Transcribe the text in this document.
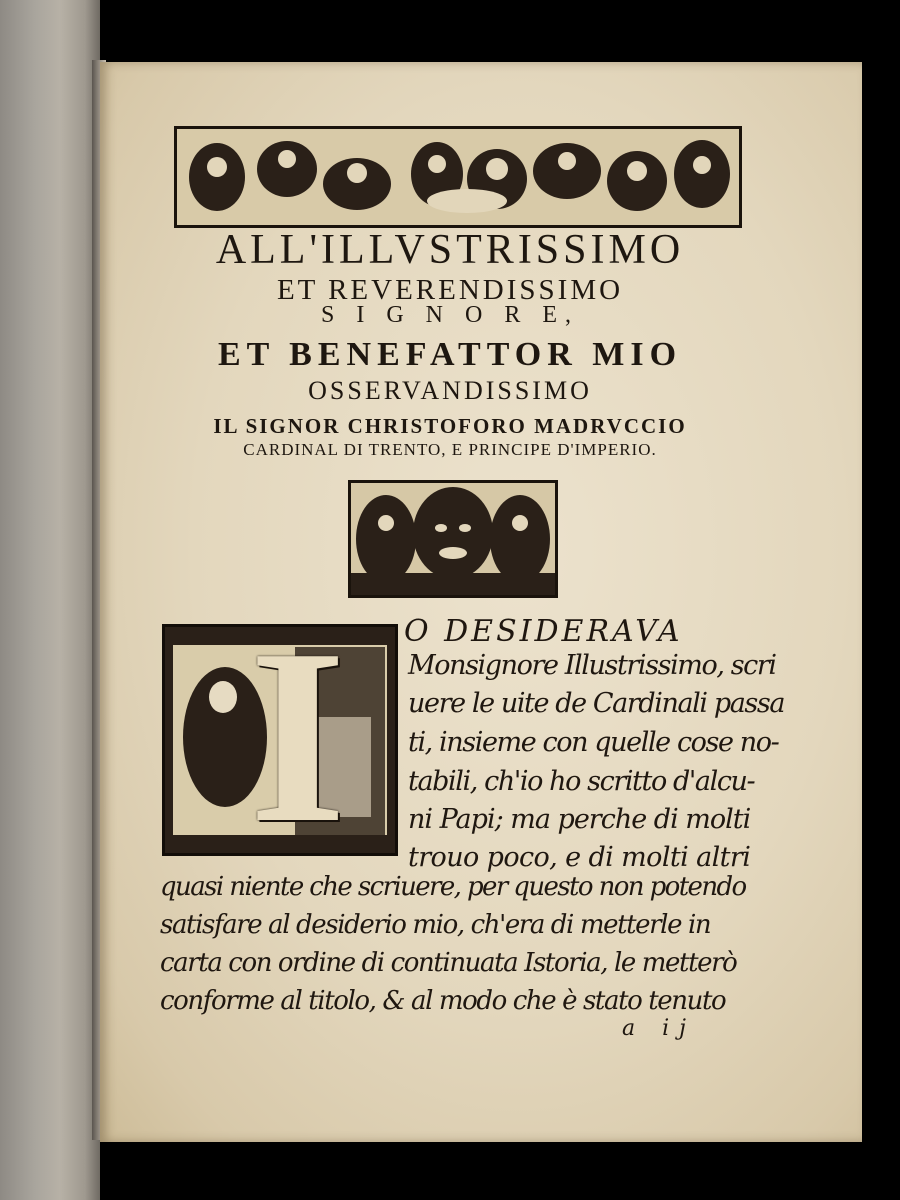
ALL'ILLVSTRISSIMO
ET REVERENDISSIMO
S I G N O R E,
ET BENEFATTOR MIO
OSSERVANDISSIMO
IL SIGNOR CHRISTOFORO MADRVCCIO
CARDINAL DI TRENTO, E PRINCIPE D'IMPERIO.
I O DESIDERAVA
Monsignore Illustrissimo, scri
uere le uite de Cardinali passa
ti, insieme con quelle cose no-
tabili, ch'io ho scritto d'alcu-
ni Papi; ma perche di molti
trouo poco, e di molti altri
quasi niente che scriuere, per questo non potendo
satisfare al desiderio mio, ch'era di metterle in
carta con ordine di continuata Istoria, le metterò
conforme al titolo, & al modo che è stato tenuto
a ij
